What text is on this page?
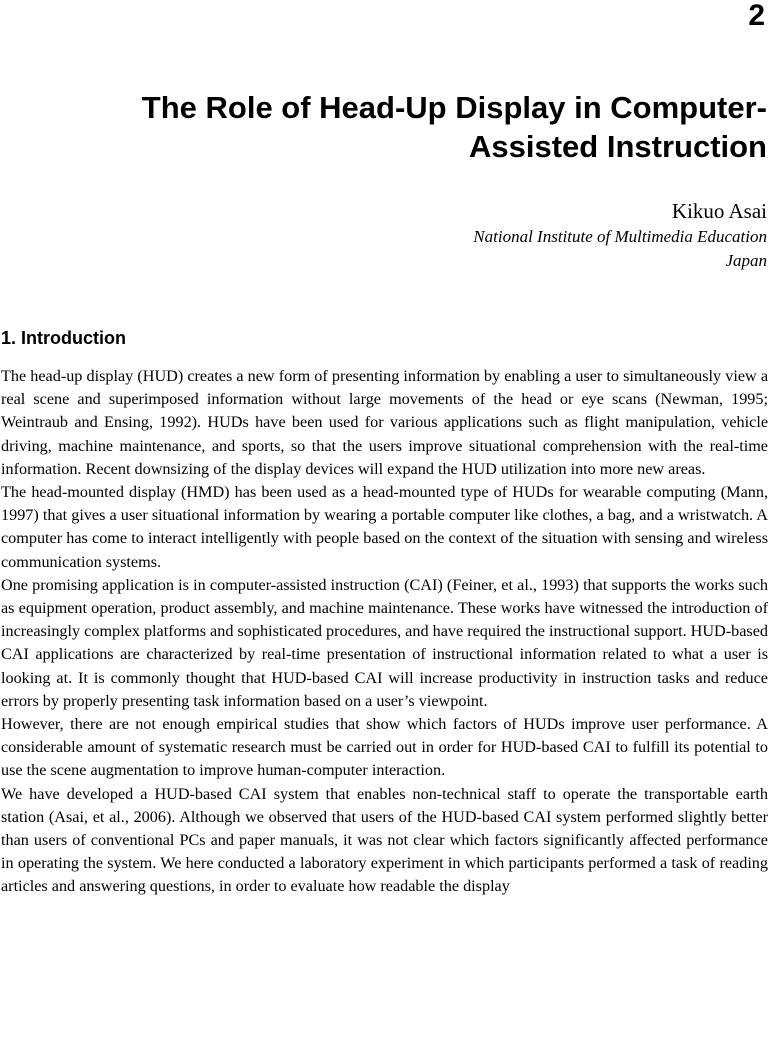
2
The Role of Head-Up Display in Computer-Assisted Instruction
Kikuo Asai
National Institute of Multimedia Education
Japan
1. Introduction

The head-up display (HUD) creates a new form of presenting information by enabling a user to simultaneously view a real scene and superimposed information without large movements of the head or eye scans (Newman, 1995; Weintraub and Ensing, 1992). HUDs have been used for various applications such as flight manipulation, vehicle driving, machine maintenance, and sports, so that the users improve situational comprehension with the real-time information. Recent downsizing of the display devices will expand the HUD utilization into more new areas.

The head-mounted display (HMD) has been used as a head-mounted type of HUDs for wearable computing (Mann, 1997) that gives a user situational information by wearing a portable computer like clothes, a bag, and a wristwatch. A computer has come to interact intelligently with people based on the context of the situation with sensing and wireless communication systems.

One promising application is in computer-assisted instruction (CAI) (Feiner, et al., 1993) that supports the works such as equipment operation, product assembly, and machine maintenance. These works have witnessed the introduction of increasingly complex platforms and sophisticated procedures, and have required the instructional support. HUD-based CAI applications are characterized by real-time presentation of instructional information related to what a user is looking at. It is commonly thought that HUD-based CAI will increase productivity in instruction tasks and reduce errors by properly presenting task information based on a user’s viewpoint.

However, there are not enough empirical studies that show which factors of HUDs improve user performance. A considerable amount of systematic research must be carried out in order for HUD-based CAI to fulfill its potential to use the scene augmentation to improve human-computer interaction.

We have developed a HUD-based CAI system that enables non-technical staff to operate the transportable earth station (Asai, et al., 2006). Although we observed that users of the HUD-based CAI system performed slightly better than users of conventional PCs and paper manuals, it was not clear which factors significantly affected performance in operating the system. We here conducted a laboratory experiment in which participants performed a task of reading articles and answering questions, in order to evaluate how readable the display
